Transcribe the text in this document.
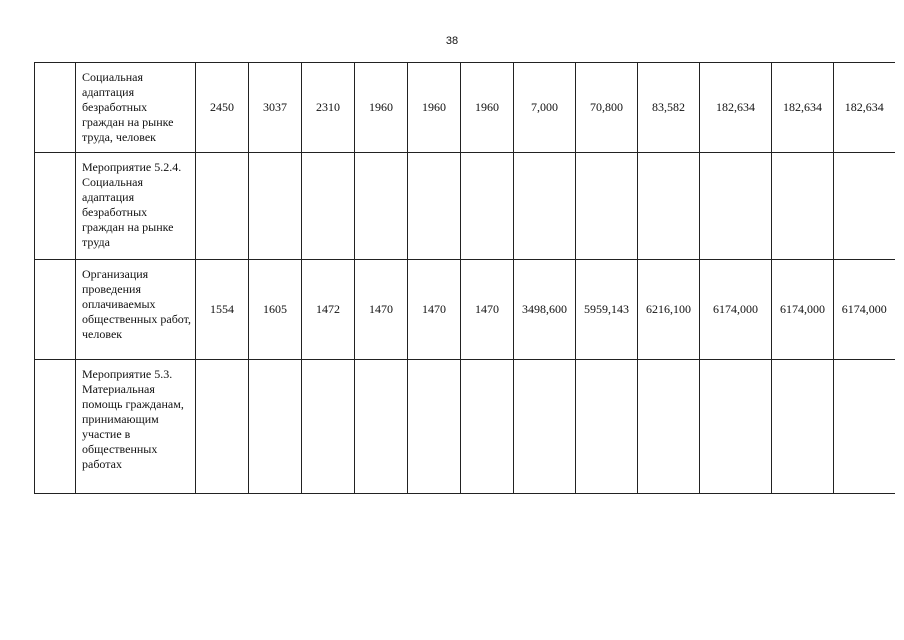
38
	Социальная адаптация безработных граждан на рынке труда, человек	2450	3037	2310	1960	1960	1960	7,000	70,800	83,582	182,634	182,634	182,634
	Мероприятие 5.2.4. Социальная адаптация безработных граждан на рынке труда												
	Организация проведения оплачиваемых общественных работ, человек	1554	1605	1472	1470	1470	1470	3498,600	5959,143	6216,100	6174,000	6174,000	6174,000
	Мероприятие 5.3. Материальная помощь гражданам, принимающим участие в общественных работах												
